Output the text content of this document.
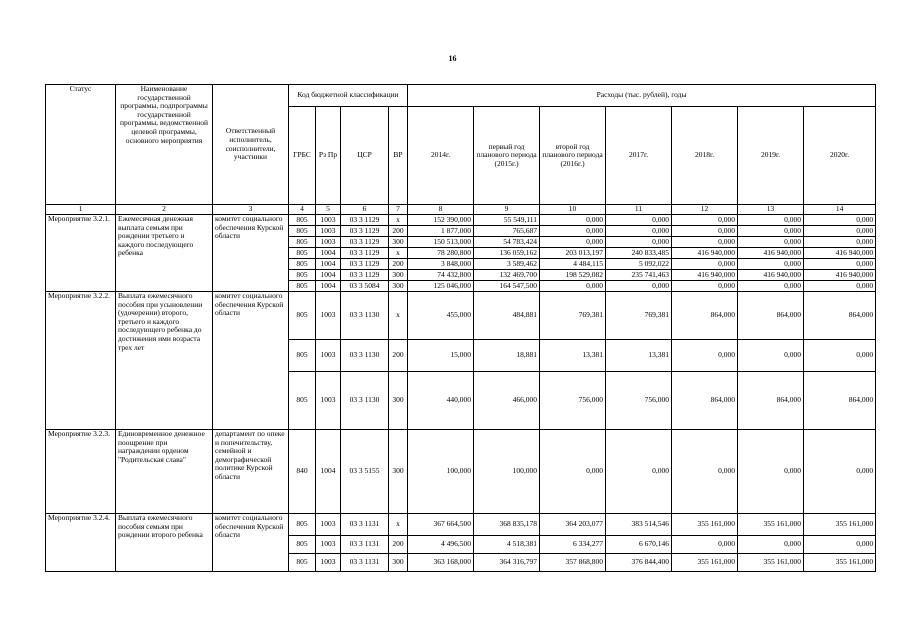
16
Статус	Наименование государственной программы, подпрограммы государственной программы, ведомственной целевой программы, основного мероприятия	Ответственный исполнитель, соисполнители, участники	Код бюджетной классификации				Расходы (тыс. рублей), годы						
			ГРБС	Рз Пр	ЦСР	ВР	2014г.	первый год планового периода (2015г.)	второй год планового периода (2016г.)	2017г.	2018г.	2019г.	2020г.
1	2	3	4	5	6	7	8	9	10	11	12	13	14
Мероприятие 3.2.1.	Ежемесячная денежная выплата семьям при рождении третьего и каждого последующего ребенка	комитет социального обеспечения Курской области	805	1003	03 3 1129	х	152 390,000	55 549,111	0,000	0,000	0,000	0,000	0,000
			805	1003	03 3 1129	200	1 877,000	765,687	0,000	0,000	0,000	0,000	0,000
			805	1003	03 3 1129	300	150 513,000	54 783,424	0,000	0,000	0,000	0,000	0,000
			805	1004	03 3 1129	х	78 280,800	136 059,162	203 013,197	240 833,485	416 940,000	416 940,000	416 940,000
			805	1004	03 3 1129	200	3 848,000	3 589,462	4 484,115	5 092,022	0,000	0,000	0,000
			805	1004	03 3 1129	300	74 432,800	132 469,700	198 529,082	235 741,463	416 940,000	416 940,000	416 940,000
			805	1004	03 3 5084	300	125 046,000	164 547,500	0,000	0,000	0,000	0,000	0,000
Мероприятие 3.2.2.	Выплата ежемесячного пособия при усыновлении (удочерении) второго, третьего и каждого последующего ребенка до достижения ими возраста трех лет	комитет социального обеспечения Курской области	805	1003	03 3 1130	х	455,000	484,881	769,381	769,381	864,000	864,000	864,000
			805	1003	03 3 1130	200	15,000	18,881	13,381	13,381	0,000	0,000	0,000
			805	1003	03 3 1130	300	440,000	466,000	756,000	756,000	864,000	864,000	864,000
Мероприятие 3.2.3.	Единовременное денежное поощрение при награждении орденом "Родительская слава"	департамент по опеке и попечительству, семейной и демографической политике Курской области	840	1004	03 3 5155	300	100,000	100,000	0,000	0,000	0,000	0,000	0,000
Мероприятие 3.2.4.	Выплата ежемесячного пособия семьям при рождении второго ребенка	комитет социального обеспечения Курской области	805	1003	03 3 1131	х	367 664,500	368 835,178	364 203,077	383 514,546	355 161,000	355 161,000	355 161,000
			805	1003	03 3 1131	200	4 496,500	4 518,381	6 334,277	6 670,146	0,000	0,000	0,000
			805	1003	03 3 1131	300	363 168,000	364 316,797	357 868,800	376 844,400	355 161,000	355 161,000	355 161,000
